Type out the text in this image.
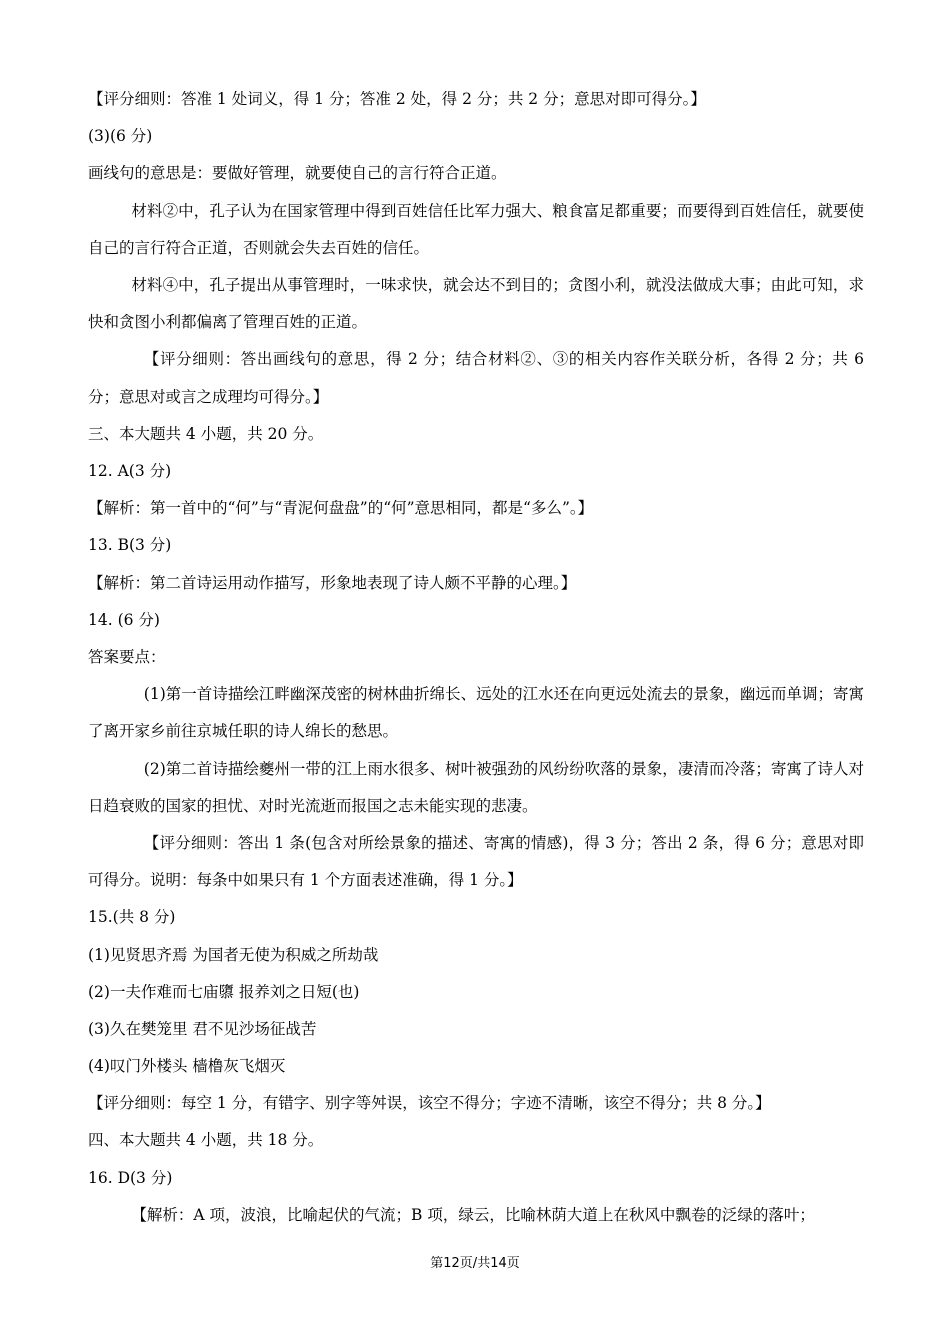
【评分细则：答准 1 处词义，得 1 分；答准 2 处，得 2 分；共 2 分；意思对即可得分。】
(3)(6 分)
画线句的意思是：要做好管理，就要使自己的言行符合正道。
材料②中，孔子认为在国家管理中得到百姓信任比军力强大、粮食富足都重要；而要得到百姓信任，就要使自己的言行符合正道，否则就会失去百姓的信任。
材料④中，孔子提出从事管理时，一味求快，就会达不到目的；贪图小利，就没法做成大事；由此可知，求快和贪图小利都偏离了管理百姓的正道。
【评分细则：答出画线句的意思，得 2 分；结合材料②、③的相关内容作关联分析，各得 2 分；共 6 分；意思对或言之成理均可得分。】
三、本大题共 4 小题，共 20 分。
12. A(3 分)
【解析：第一首中的“何”与“青泥何盘盘”的“何”意思相同，都是“多么”。】
13. B(3 分)
【解析：第二首诗运用动作描写，形象地表现了诗人颇不平静的心理。】
14. (6 分)
答案要点：
(1)第一首诗描绘江畔幽深茂密的树林曲折绵长、远处的江水还在向更远处流去的景象，幽远而单调；寄寓了离开家乡前往京城任职的诗人绵长的愁思。
(2)第二首诗描绘夔州一带的江上雨水很多、树叶被强劲的风纷纷吹落的景象，凄清而冷落；寄寓了诗人对日趋衰败的国家的担忧、对时光流逝而报国之志未能实现的悲凄。
【评分细则：答出 1 条(包含对所绘景象的描述、寄寓的情感)，得 3 分；答出 2 条，得 6 分；意思对即可得分。说明：每条中如果只有 1 个方面表述准确，得 1 分。】
15.(共 8 分)
(1)见贤思齐焉 为国者无使为积威之所劫哉
(2)一夫作难而七庙隳 报养刘之日短(也)
(3)久在樊笼里 君不见沙场征战苦
(4)叹门外楼头 樯橹灰飞烟灭
【评分细则：每空 1 分，有错字、别字等舛误，该空不得分；字迹不清晰，该空不得分；共 8 分。】
四、本大题共 4 小题，共 18 分。
16. D(3 分)
【解析：A 项，波浪，比喻起伏的气流；B 项，绿云，比喻林荫大道上在秋风中飘卷的泛绿的落叶；
第12页/共14页
